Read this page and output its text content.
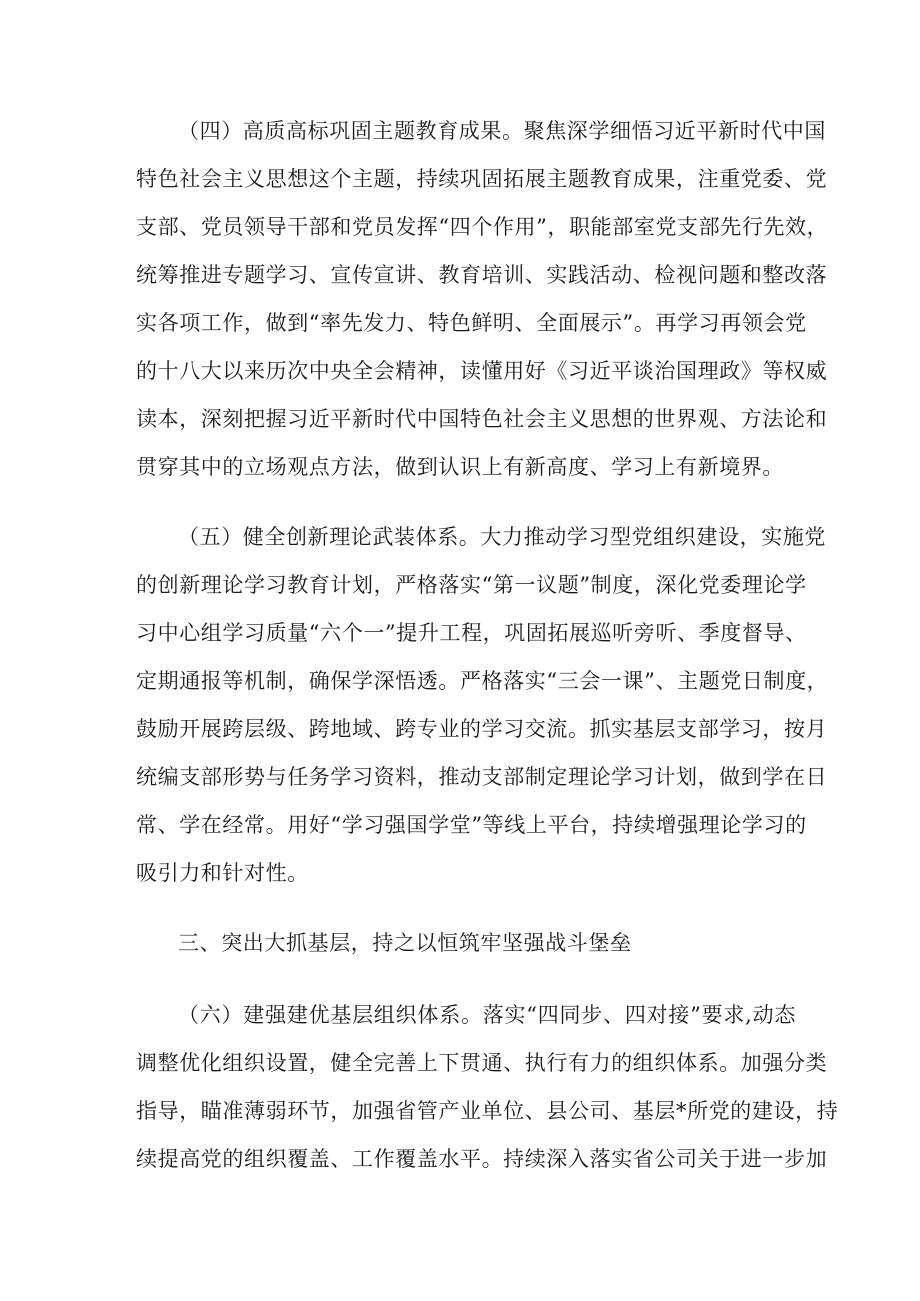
（四）高质高标巩固主题教育成果。聚焦深学细悟习近平新时代中国
特色社会主义思想这个主题，持续巩固拓展主题教育成果，注重党委、党
支部、党员领导干部和党员发挥“四个作用”，职能部室党支部先行先效，
统筹推进专题学习、宣传宣讲、教育培训、实践活动、检视问题和整改落
实各项工作，做到“率先发力、特色鲜明、全面展示”。再学习再领会党
的十八大以来历次中央全会精神，读懂用好《习近平谈治国理政》等权威
读本，深刻把握习近平新时代中国特色社会主义思想的世界观、方法论和
贯穿其中的立场观点方法，做到认识上有新高度、学习上有新境界。
（五）健全创新理论武装体系。大力推动学习型党组织建设，实施党
的创新理论学习教育计划，严格落实“第一议题”制度，深化党委理论学
习中心组学习质量“六个一”提升工程，巩固拓展巡听旁听、季度督导、
定期通报等机制，确保学深悟透。严格落实“三会一课”、主题党日制度，
鼓励开展跨层级、跨地域、跨专业的学习交流。抓实基层支部学习，按月
统编支部形势与任务学习资料，推动支部制定理论学习计划，做到学在日
常、学在经常。用好“学习强国学堂”等线上平台，持续增强理论学习的
吸引力和针对性。
三、突出大抓基层，持之以恒筑牢坚强战斗堡垒
（六）建强建优基层组织体系。落实“四同步、四对接”要求,动态
调整优化组织设置，健全完善上下贯通、执行有力的组织体系。加强分类
指导，瞄准薄弱环节，加强省管产业单位、县公司、基层*所党的建设，持
续提高党的组织覆盖、工作覆盖水平。持续深入落实省公司关于进一步加
